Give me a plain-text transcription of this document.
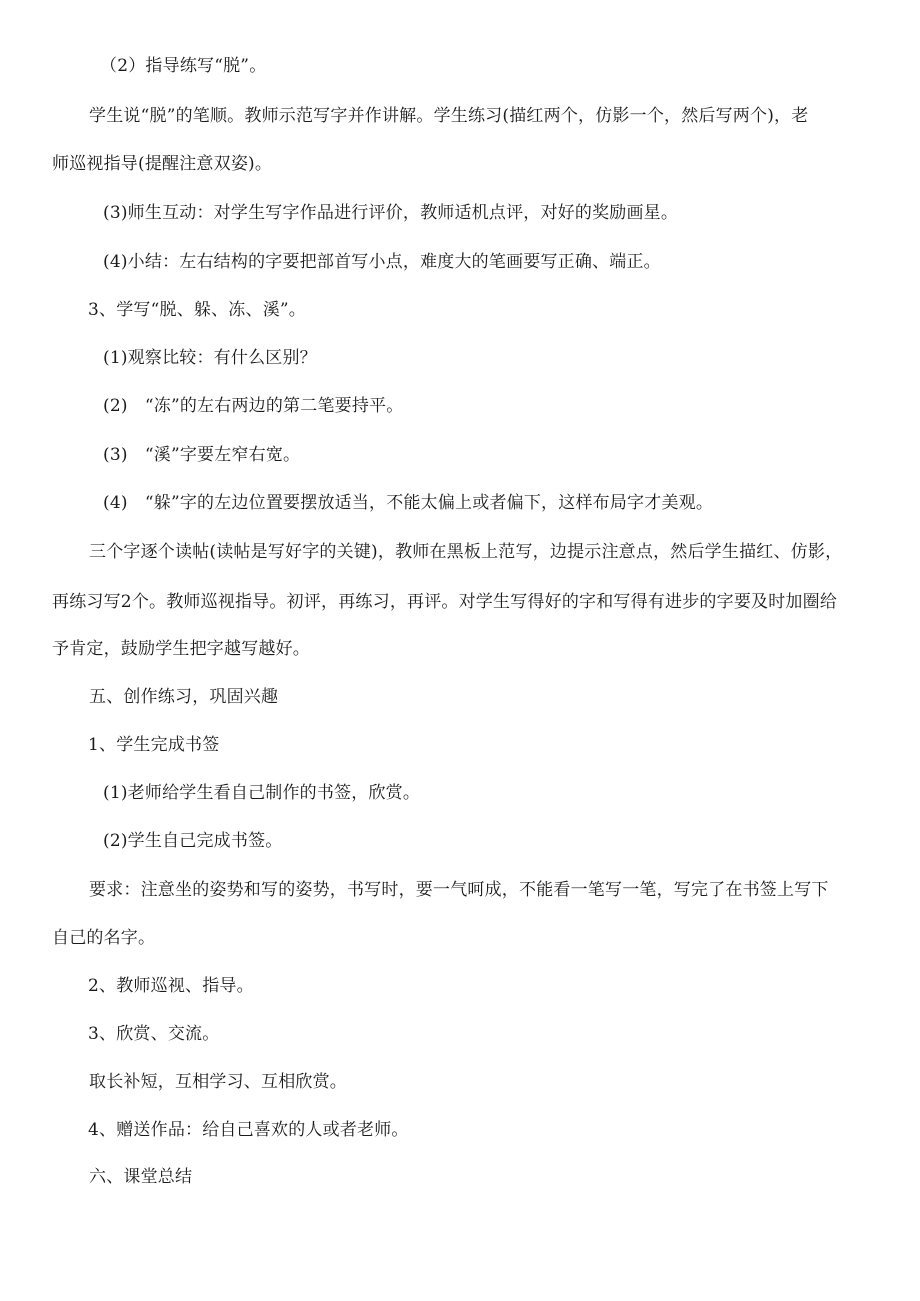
（2）指导练写“脱”。
学生说“脱”的笔顺。教师示范写字并作讲解。学生练习(描红两个，仿影一个，然后写两个)，老
师巡视指导(提醒注意双姿)。
(3)师生互动：对学生写字作品进行评价，教师适机点评，对好的奖励画星。
(4)小结：左右结构的字要把部首写小点，难度大的笔画要写正确、端正。
3、学写“脱、躲、冻、溪”。
(1)观察比较：有什么区别？
(2)　“冻”的左右两边的第二笔要持平。
(3)　“溪”字要左窄右宽。
(4)　“躲”字的左边位置要摆放适当，不能太偏上或者偏下，这样布局字才美观。
三个字逐个读帖(读帖是写好字的关键)，教师在黑板上范写，边提示注意点，然后学生描红、仿影，
再练习写2个。教师巡视指导。初评，再练习，再评。对学生写得好的字和写得有进步的字要及时加圈给
予肯定，鼓励学生把字越写越好。
五、创作练习，巩固兴趣
1、学生完成书签
(1)老师给学生看自己制作的书签，欣赏。
(2)学生自己完成书签。
要求：注意坐的姿势和写的姿势，书写时，要一气呵成，不能看一笔写一笔，写完了在书签上写下
自己的名字。
2、教师巡视、指导。
3、欣赏、交流。
取长补短，互相学习、互相欣赏。
4、赠送作品：给自己喜欢的人或者老师。
六、课堂总结
